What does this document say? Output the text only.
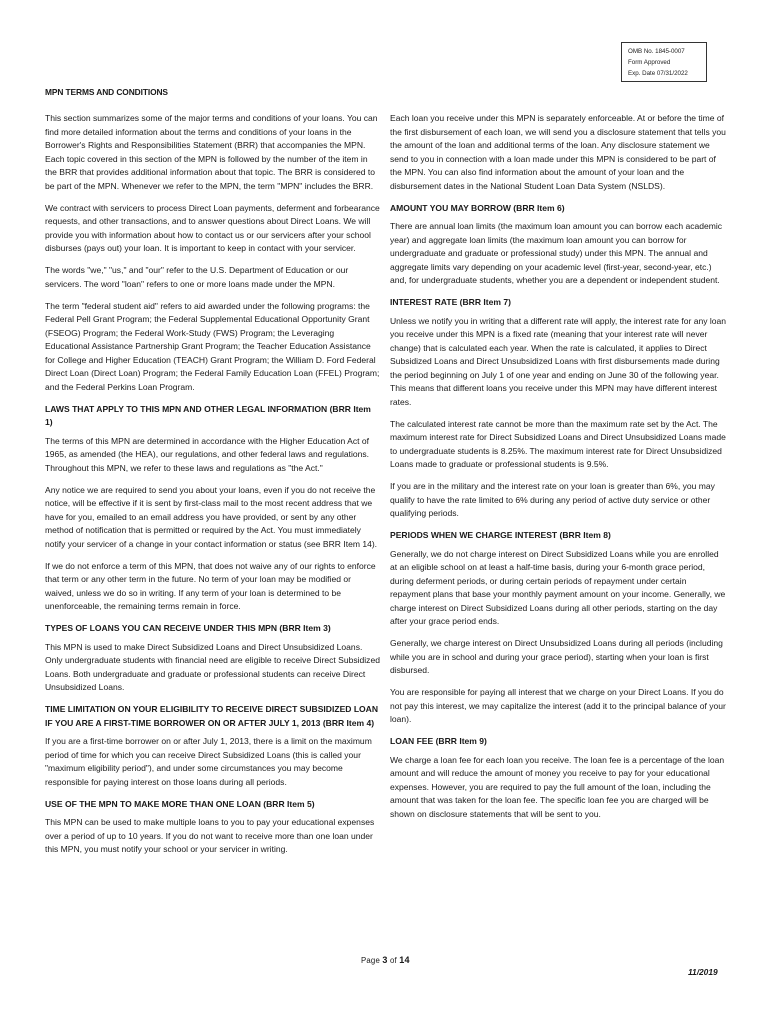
OMB No. 1845-0007
Form Approved
Exp. Date 07/31/2022
MPN TERMS AND CONDITIONS

This section summarizes some of the major terms and conditions of your loans. You can find more detailed information about the terms and conditions of your loans in the Borrower's Rights and Responsibilities Statement (BRR) that accompanies the MPN. Each topic covered in this section of the MPN is followed by the number of the item in the BRR that provides additional information about that topic. The BRR is considered to be part of the MPN. Whenever we refer to the MPN, the term "MPN" includes the BRR.

We contract with servicers to process Direct Loan payments, deferment and forbearance requests, and other transactions, and to answer questions about Direct Loans. We will provide you with information about how to contact us or our servicers after your school disburses (pays out) your loan. It is important to keep in contact with your servicer.

The words "we," "us," and "our" refer to the U.S. Department of Education or our servicers. The word "loan" refers to one or more loans made under the MPN.

The term "federal student aid" refers to aid awarded under the following programs: the Federal Pell Grant Program; the Federal Supplemental Educational Opportunity Grant (FSEOG) Program; the Federal Work-Study (FWS) Program; the Leveraging Educational Assistance Partnership Grant Program; the Teacher Education Assistance for College and Higher Education (TEACH) Grant Program; the William D. Ford Federal Direct Loan (Direct Loan) Program; the Federal Family Education Loan (FFEL) Program; and the Federal Perkins Loan Program.

LAWS THAT APPLY TO THIS MPN AND OTHER LEGAL INFORMATION (BRR Item 1)

The terms of this MPN are determined in accordance with the Higher Education Act of 1965, as amended (the HEA), our regulations, and other federal laws and regulations. Throughout this MPN, we refer to these laws and regulations as "the Act."

Any notice we are required to send you about your loans, even if you do not receive the notice, will be effective if it is sent by first-class mail to the most recent address that we have for you, emailed to an email address you have provided, or sent by any other method of notification that is permitted or required by the Act. You must immediately notify your servicer of a change in your contact information or status (see BRR Item 14).

If we do not enforce a term of this MPN, that does not waive any of our rights to enforce that term or any other term in the future. No term of your loan may be modified or waived, unless we do so in writing. If any term of your loan is determined to be unenforceable, the remaining terms remain in force.

TYPES OF LOANS YOU CAN RECEIVE UNDER THIS MPN (BRR Item 3)

This MPN is used to make Direct Subsidized Loans and Direct Unsubsidized Loans. Only undergraduate students with financial need are eligible to receive Direct Subsidized Loans. Both undergraduate and graduate or professional students can receive Direct Unsubsidized Loans.

TIME LIMITATION ON YOUR ELIGIBILITY TO RECEIVE DIRECT SUBSIDIZED LOAN IF YOU ARE A FIRST-TIME BORROWER ON OR AFTER JULY 1, 2013 (BRR Item 4)

If you are a first-time borrower on or after July 1, 2013, there is a limit on the maximum period of time for which you can receive Direct Subsidized Loans (this is called your "maximum eligibility period"), and under some circumstances you may become responsible for paying interest on those loans during all periods.

USE OF THE MPN TO MAKE MORE THAN ONE LOAN (BRR Item 5)

This MPN can be used to make multiple loans to you to pay your educational expenses over a period of up to 10 years. If you do not want to receive more than one loan under this MPN, you must notify your school or your servicer in writing.

Each loan you receive under this MPN is separately enforceable. At or before the time of the first disbursement of each loan, we will send you a disclosure statement that tells you the amount of the loan and additional terms of the loan. Any disclosure statement we send to you in connection with a loan made under this MPN is considered to be part of the MPN. You can also find information about the amount of your loan and the disbursement dates in the National Student Loan Data System (NSLDS).

AMOUNT YOU MAY BORROW (BRR Item 6)

There are annual loan limits (the maximum loan amount you can borrow each academic year) and aggregate loan limits (the maximum loan amount you can borrow for undergraduate and graduate or professional study) under this MPN. The annual and aggregate limits vary depending on your academic level (first-year, second-year, etc.) and, for undergraduate students, whether you are a dependent or independent student.

INTEREST RATE (BRR Item 7)

Unless we notify you in writing that a different rate will apply, the interest rate for any loan you receive under this MPN is a fixed rate (meaning that your interest rate will never change) that is calculated each year. When the rate is calculated, it applies to Direct Subsidized Loans and Direct Unsubsidized Loans with first disbursements made during the period beginning on July 1 of one year and ending on June 30 of the following year. This means that different loans you receive under this MPN may have different interest rates.

The calculated interest rate cannot be more than the maximum rate set by the Act. The maximum interest rate for Direct Subsidized Loans and Direct Unsubsidized Loans made to undergraduate students is 8.25%. The maximum interest rate for Direct Unsubsidized Loans made to graduate or professional students is 9.5%.

If you are in the military and the interest rate on your loan is greater than 6%, you may qualify to have the rate limited to 6% during any period of active duty service or other qualifying periods.

PERIODS WHEN WE CHARGE INTEREST (BRR Item 8)

Generally, we do not charge interest on Direct Subsidized Loans while you are enrolled at an eligible school on at least a half-time basis, during your 6-month grace period, during deferment periods, or during certain periods of repayment under certain repayment plans that base your monthly payment amount on your income. Generally, we charge interest on Direct Subsidized Loans during all other periods, starting on the day after your grace period ends.

Generally, we charge interest on Direct Unsubsidized Loans during all periods (including while you are in school and during your grace period), starting when your loan is first disbursed.

You are responsible for paying all interest that we charge on your Direct Loans. If you do not pay this interest, we may capitalize the interest (add it to the principal balance of your loan).

LOAN FEE (BRR Item 9)

We charge a loan fee for each loan you receive. The loan fee is a percentage of the loan amount and will reduce the amount of money you receive to pay for your educational expenses. However, you are required to pay the full amount of the loan, including the amount that was taken for the loan fee. The specific loan fee you are charged will be shown on disclosure statements that will be sent to you.

Page 3 of 14
11/2019
